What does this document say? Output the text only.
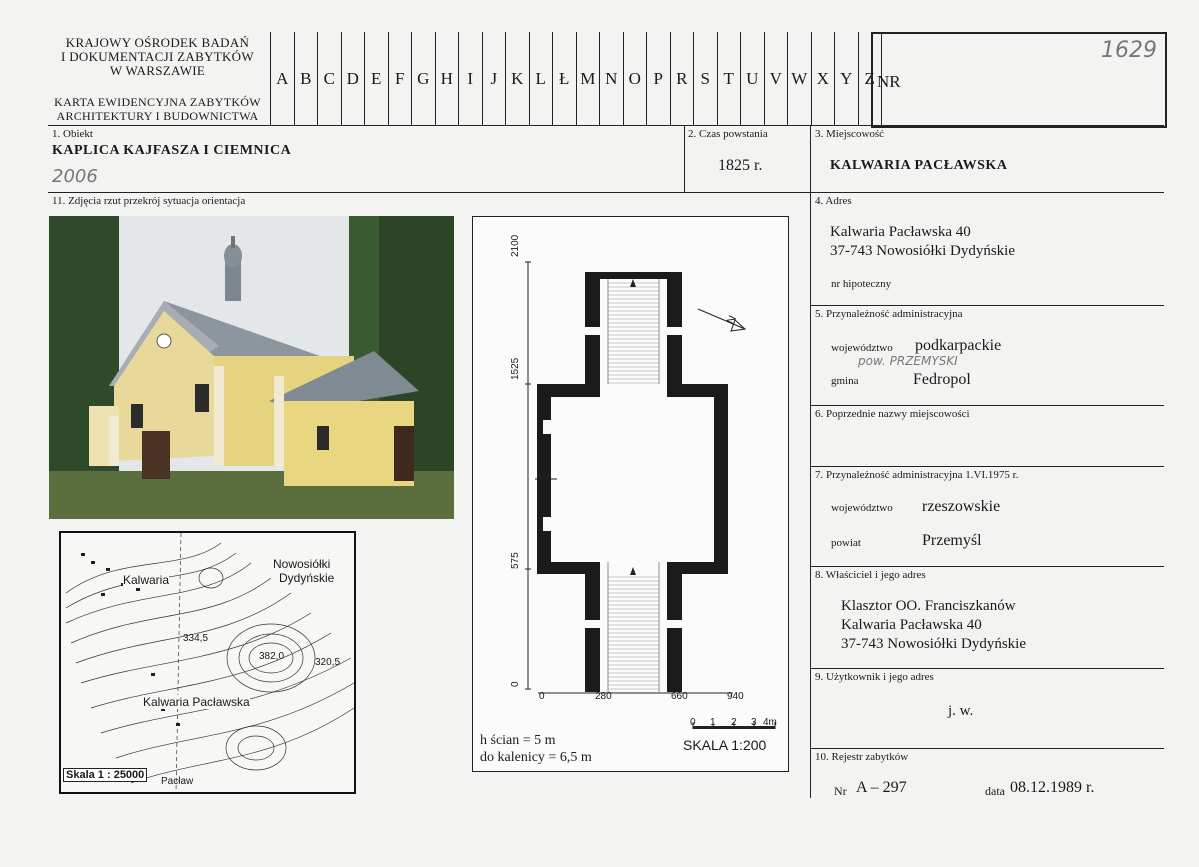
KRAJOWY OŚRODEK BADAŃ
I DOKUMENTACJI ZABYTKÓW
W WARSZAWIE
KARTA EWIDENCYJNA ZABYTKÓW
ARCHITEKTURY I BUDOWNICTWA
A B C D E F G H I	J K L Ł M N O P R S T U V W X Y Z NR
1629
1. Obiekt
KAPLICA KAJFASZA I CIEMNICA
2006
2. Czas powstania
1825 r.
3. Miejscowość
KALWARIA PACŁAWSKA
11. Zdjęcia rzut przekrój sytuacja orientacja	4. Adres
Kalwaria Pacławska 40
37-743 Nowosiółki Dydyńskie
nr hipoteczny
5. Przynależność administracyjna
województwo podkarpackie
pow. PRZEMYSKI
gmina	Fedropol
6. Poprzednie nazwy miejscowości
7. Przynależność administracyjna 1.VI.1975 r.
województwo rzeszowskie
powiat	Przemyśl
8. Właściciel i jego adres
Klasztor OO. Franciszkanów
Kalwaria Pacławska 40
37-743 Nowosiółki Dydyńskie
9. Użytkownik i jego adres
j. w.
10. Rejestr zabytków
Nr A – 297	data 08.12.1989 r.
Kalwaria
Nowosiółki
Dydyńskie
Kalwaria Pacławska
334,5
382,0
320,5
Pacław
Skala 1 : 25000
2100
1525
575
0
0	280	660	940
N
0 1 2 3 4m
SKALA 1:200
h ścian = 5 m
do kalenicy = 6,5 m
